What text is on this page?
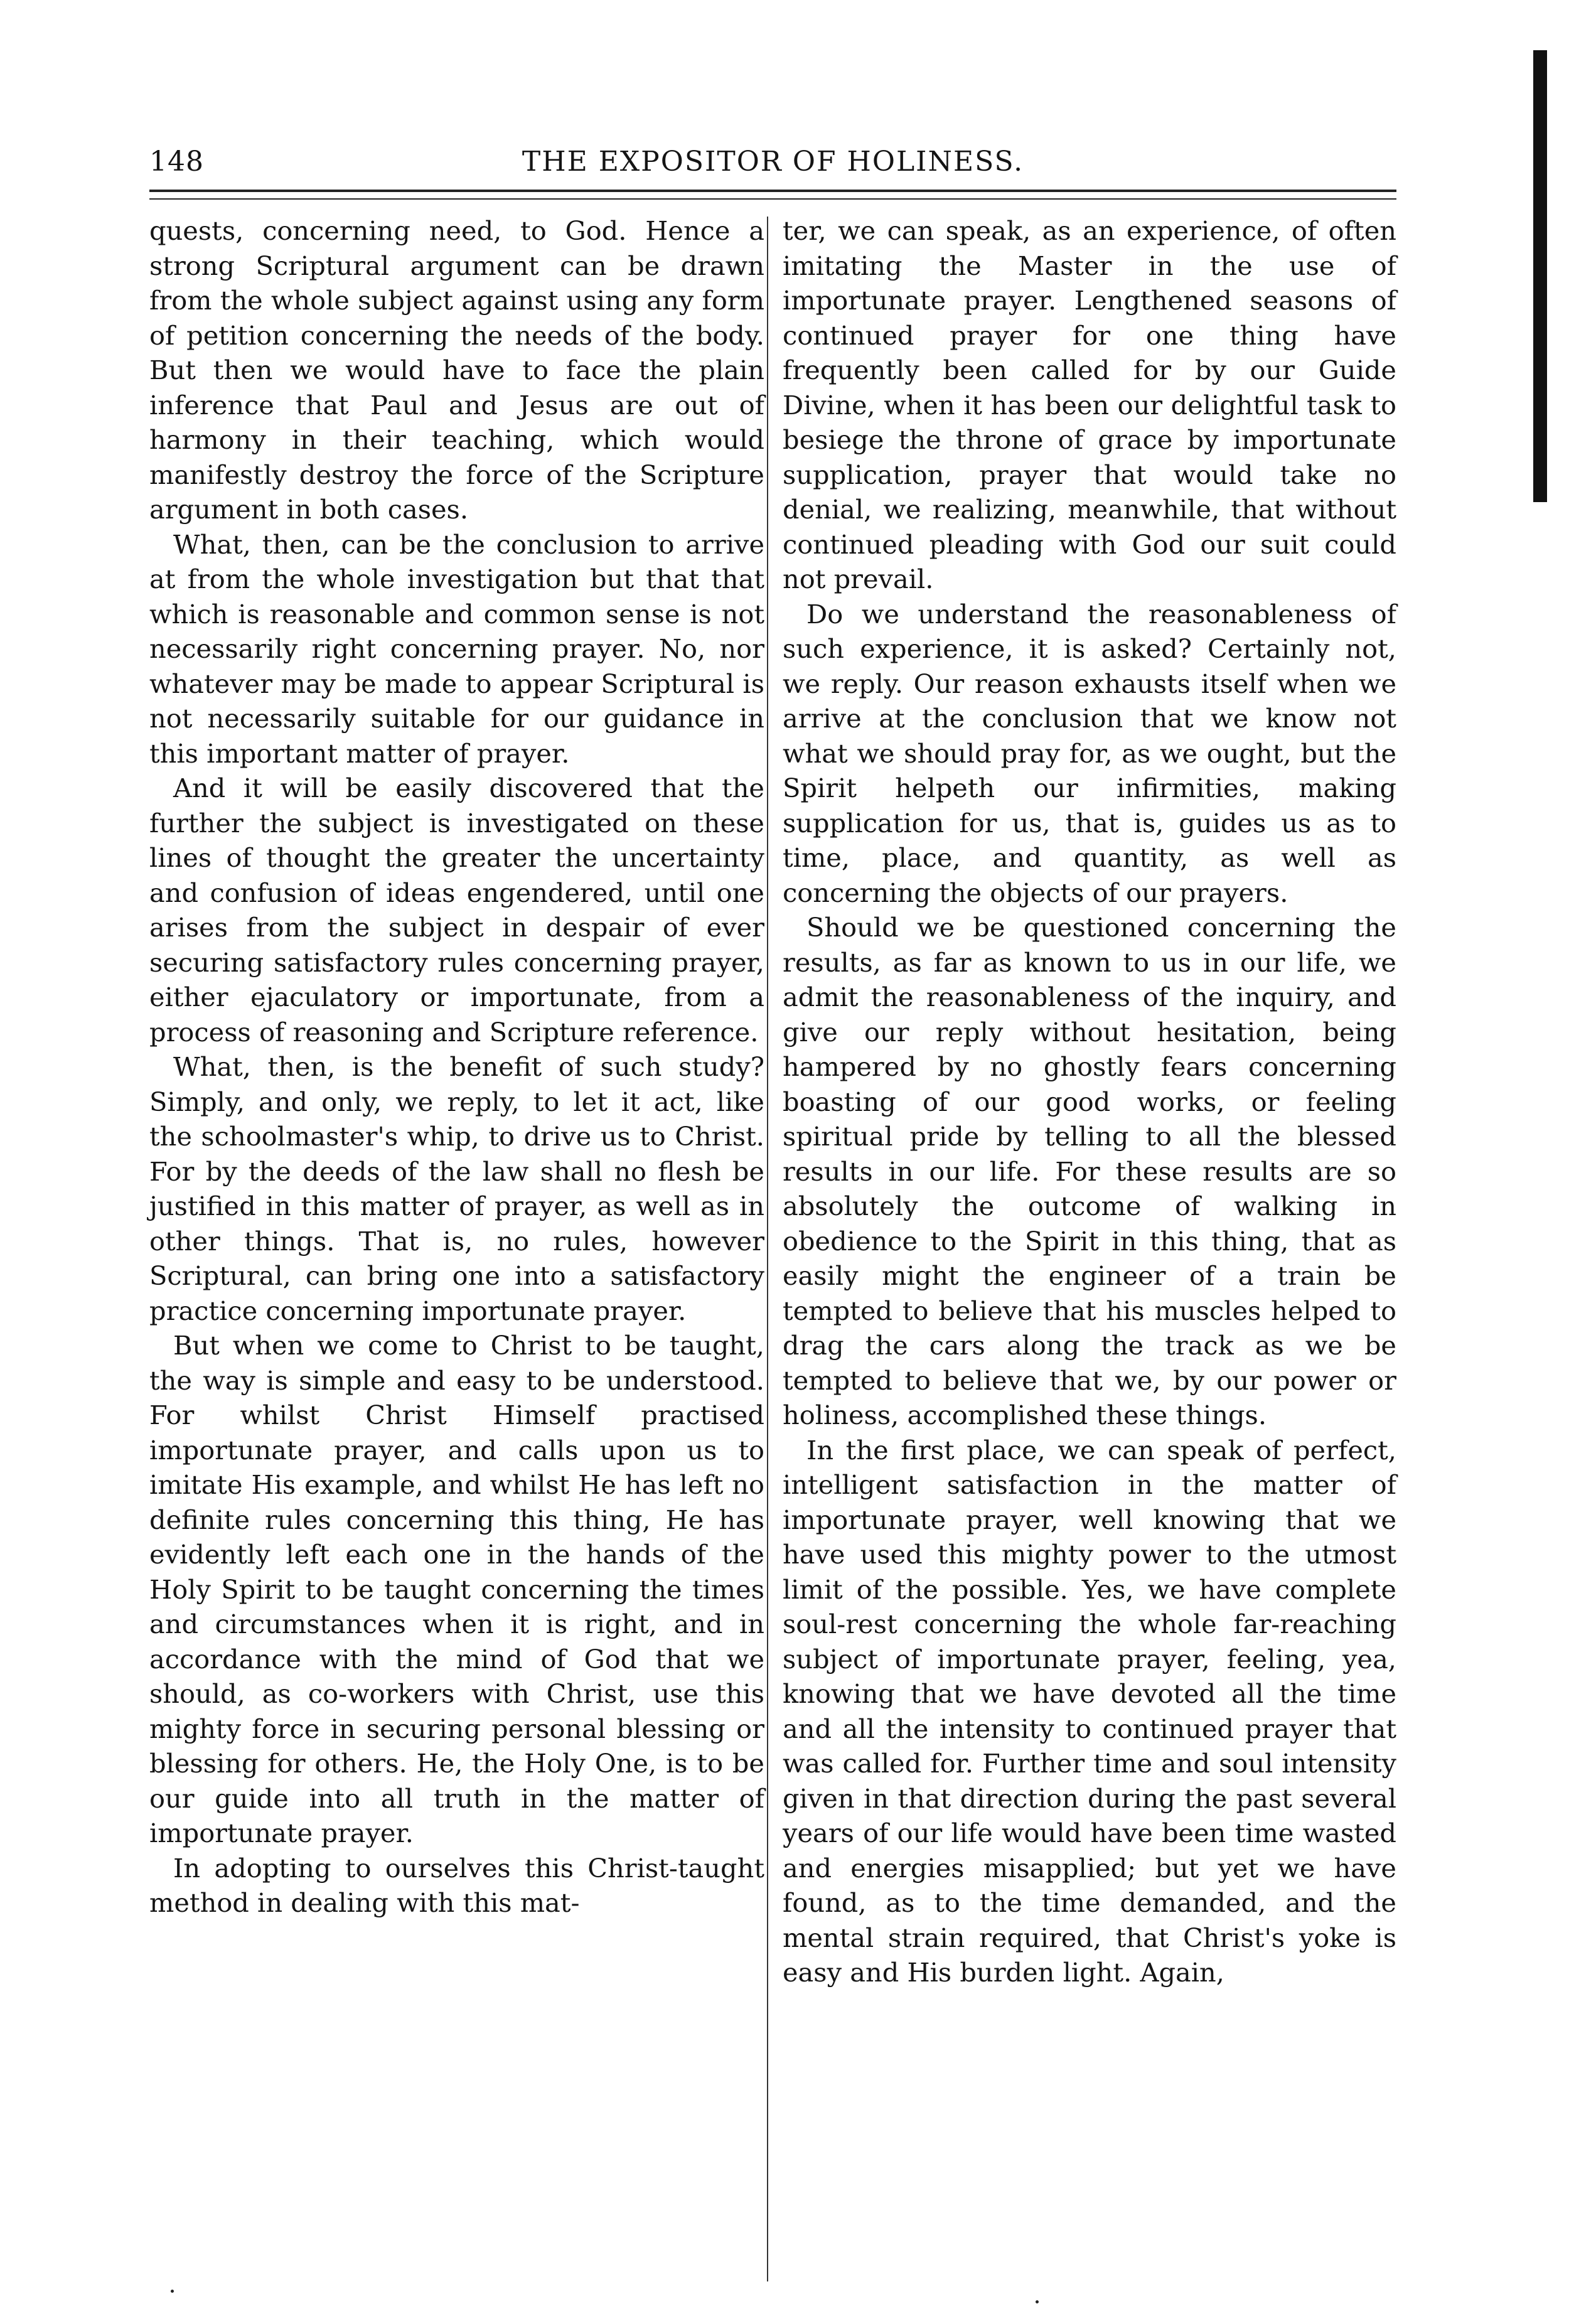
148	THE EXPOSITOR OF HOLINESS.

quests, concerning need, to God. Hence a strong Scriptural argument can be drawn from the whole subject against using any form of petition concerning the needs of the body. But then we would have to face the plain inference that Paul and Jesus are out of harmony in their teaching, which would manifestly destroy the force of the Scripture argument in both cases.

What, then, can be the conclusion to arrive at from the whole investigation but that that which is reasonable and common sense is not necessarily right concerning prayer. No, nor whatever may be made to appear Scriptural is not necessarily suitable for our guidance in this important matter of prayer.

And it will be easily discovered that the further the subject is investigated on these lines of thought the greater the uncertainty and confusion of ideas engendered, until one arises from the subject in despair of ever securing satisfactory rules concerning prayer, either ejaculatory or importunate, from a process of reasoning and Scripture reference.

What, then, is the benefit of such study? Simply, and only, we reply, to let it act, like the schoolmaster's whip, to drive us to Christ. For by the deeds of the law shall no flesh be justified in this matter of prayer, as well as in other things. That is, no rules, however Scriptural, can bring one into a satisfactory practice concerning importunate prayer.

But when we come to Christ to be taught, the way is simple and easy to be understood. For whilst Christ Himself practised importunate prayer, and calls upon us to imitate His example, and whilst He has left no definite rules concerning this thing, He has evidently left each one in the hands of the Holy Spirit to be taught concerning the times and circumstances when it is right, and in accordance with the mind of God that we should, as co-workers with Christ, use this mighty force in securing personal blessing or blessing for others. He, the Holy One, is to be our guide into all truth in the matter of importunate prayer.

In adopting to ourselves this Christ-taught method in dealing with this mat-

ter, we can speak, as an experience, of often imitating the Master in the use of importunate prayer. Lengthened seasons of continued prayer for one thing have frequently been called for by our Guide Divine, when it has been our delightful task to besiege the throne of grace by importunate supplication, prayer that would take no denial, we realizing, meanwhile, that without continued pleading with God our suit could not prevail.

Do we understand the reasonableness of such experience, it is asked? Certainly not, we reply. Our reason exhausts itself when we arrive at the conclusion that we know not what we should pray for, as we ought, but the Spirit helpeth our infirmities, making supplication for us, that is, guides us as to time, place, and quantity, as well as concerning the objects of our prayers.

Should we be questioned concerning the results, as far as known to us in our life, we admit the reasonableness of the inquiry, and give our reply without hesitation, being hampered by no ghostly fears concerning boasting of our good works, or feeling spiritual pride by telling to all the blessed results in our life. For these results are so absolutely the outcome of walking in obedience to the Spirit in this thing, that as easily might the engineer of a train be tempted to believe that his muscles helped to drag the cars along the track as we be tempted to believe that we, by our power or holiness, accomplished these things.

In the first place, we can speak of perfect, intelligent satisfaction in the matter of importunate prayer, well knowing that we have used this mighty power to the utmost limit of the possible. Yes, we have complete soul-rest concerning the whole far-reaching subject of importunate prayer, feeling, yea, knowing that we have devoted all the time and all the intensity to continued prayer that was called for. Further time and soul intensity given in that direction during the past several years of our life would have been time wasted and energies misapplied; but yet we have found, as to the time demanded, and the mental strain required, that Christ's yoke is easy and His burden light. Again,
